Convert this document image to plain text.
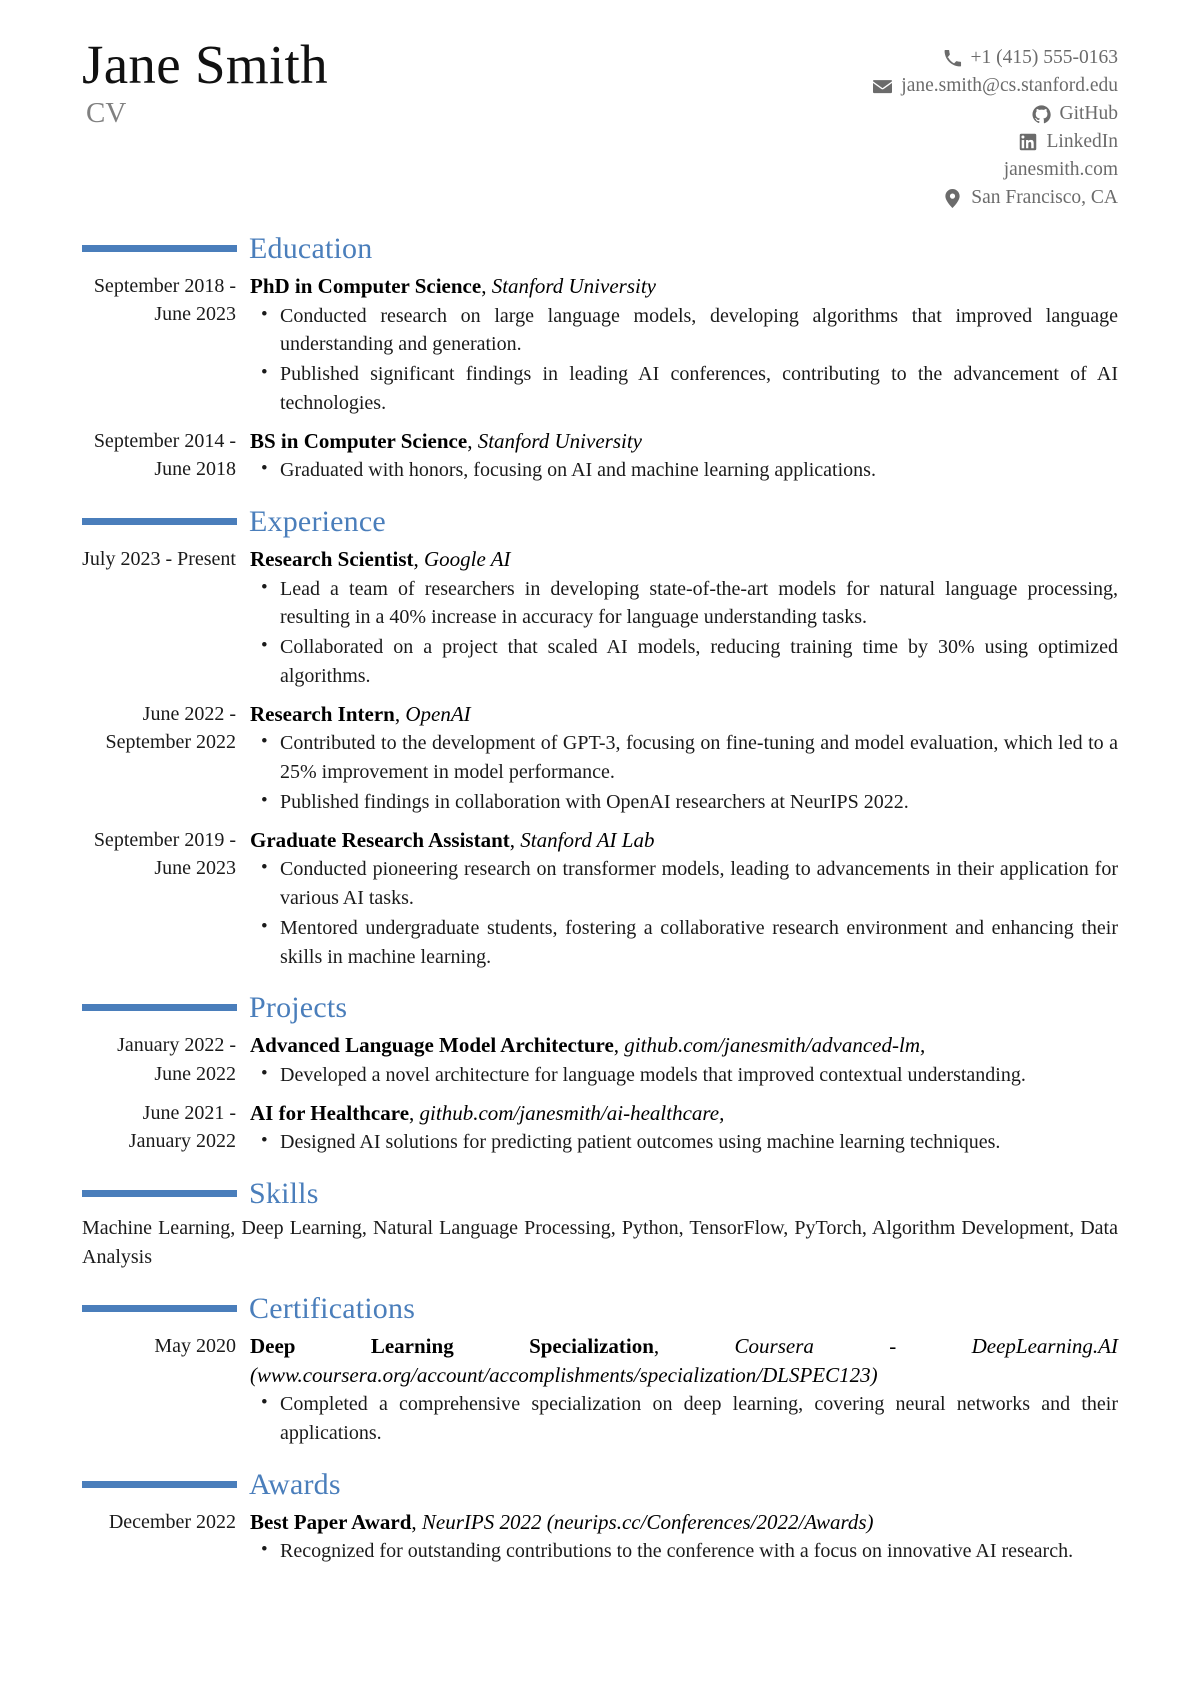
Jane Smith
CV
+1 (415) 555-0163
jane.smith@cs.stanford.edu
GitHub
LinkedIn
janesmith.com
San Francisco, CA
Education
September 2018 - June 2023
PhD in Computer Science, Stanford University
• Conducted research on large language models, developing algorithms that improved language understanding and generation.
• Published significant findings in leading AI conferences, contributing to the advancement of AI technologies.
September 2014 - June 2018
BS in Computer Science, Stanford University
• Graduated with honors, focusing on AI and machine learning applications.
Experience
July 2023 - Present Research Scientist, Google AI
• Lead a team of researchers in developing state-of-the-art models for natural language processing, resulting in a 40% increase in accuracy for language understanding tasks.
• Collaborated on a project that scaled AI models, reducing training time by 30% using optimized algorithms.
June 2022 - September 2022
Research Intern, OpenAI
• Contributed to the development of GPT-3, focusing on fine-tuning and model evaluation, which led to a 25% improvement in model performance.
• Published findings in collaboration with OpenAI researchers at NeurIPS 2022.
September 2019 - June 2023
Graduate Research Assistant, Stanford AI Lab
• Conducted pioneering research on transformer models, leading to advancements in their application for various AI tasks.
• Mentored undergraduate students, fostering a collaborative research environment and enhancing their skills in machine learning.
Projects
January 2022 - June 2022
Advanced Language Model Architecture, github.com/janesmith/advanced-lm,
• Developed a novel architecture for language models that improved contextual understanding.
June 2021 - January 2022
AI for Healthcare, github.com/janesmith/ai-healthcare,
• Designed AI solutions for predicting patient outcomes using machine learning techniques.
Skills
Machine Learning, Deep Learning, Natural Language Processing, Python, TensorFlow, PyTorch, Algorithm Development, Data Analysis
Certifications
May 2020 Deep Learning Specialization, Coursera - DeepLearning.AI (www.coursera.org/account/accomplishments/specialization/DLSPEC123)
• Completed a comprehensive specialization on deep learning, covering neural networks and their applications.
Awards
December 2022 Best Paper Award, NeurIPS 2022 (neurips.cc/Conferences/2022/Awards)
• Recognized for outstanding contributions to the conference with a focus on innovative AI research.
